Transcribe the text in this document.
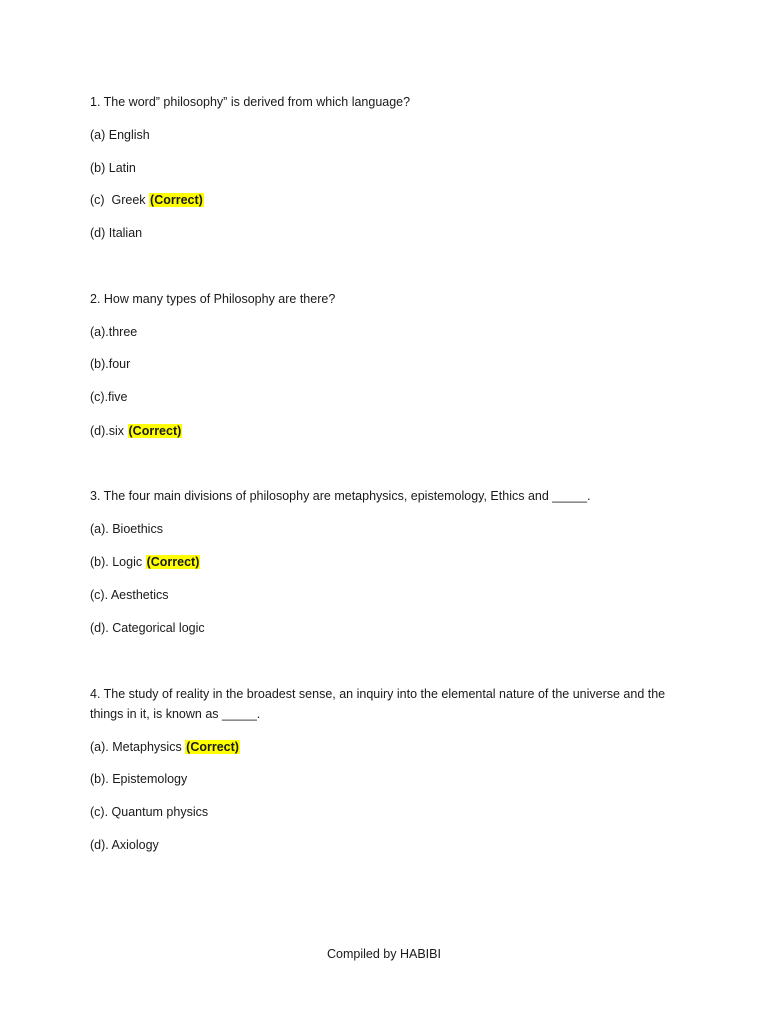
1. The word” philosophy” is derived from which language?
(a) English
(b) Latin
(c)  Greek (Correct)
(d) Italian
2. How many types of Philosophy are there?
(a).three
(b).four
(c).five
(d).six (Correct)
3. The four main divisions of philosophy are metaphysics, epistemology, Ethics and _____.
(a). Bioethics
(b). Logic (Correct)
(c). Aesthetics
(d). Categorical logic
4. The study of reality in the broadest sense, an inquiry into the elemental nature of the universe and the things in it, is known as _____.
(a). Metaphysics (Correct)
(b). Epistemology
(c). Quantum physics
(d). Axiology
Compiled by HABIBI
